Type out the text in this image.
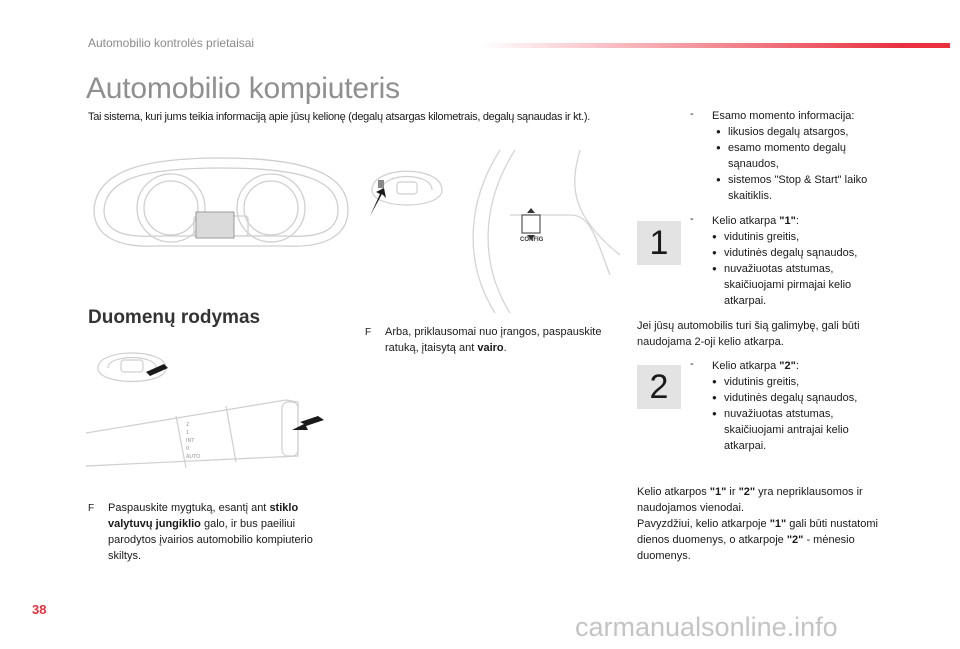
Automobilio kontrolės prietaisai
Automobilio kompiuteris
Tai sistema, kuri jums teikia informaciją apie jūsų kelionę (degalų atsargas kilometrais, degalų sąnaudas ir kt.).
CONFIG
Duomenų rodymas
2
1
INT
0
AUTO
F	Paspauskite mygtuką, esantį ant stiklo valytuvų jungiklio galo, ir bus paeiliui parodytos įvairios automobilio kompiuterio skiltys.
F	Arba, priklausomai nuo įrangos, paspauskite ratuką, įtaisytą ant vairo.
- Esamo momento informacija:
● likusios degalų atsargos,
● esamo momento degalų sąnaudos,
● sistemos "Stop & Start" laiko skaitiklis.
1
- Kelio atkarpa "1":
● vidutinis greitis,
● vidutinės degalų sąnaudos,
● nuvažiuotas atstumas, skaičiuojami pirmajai kelio atkarpai.
Jei jūsų automobilis turi šią galimybę, gali būti naudojama 2-oji kelio atkarpa.
2
- Kelio atkarpa "2":
● vidutinis greitis,
● vidutinės degalų sąnaudos,
● nuvažiuotas atstumas, skaičiuojami antrajai kelio atkarpai.
Kelio atkarpos "1" ir "2" yra nepriklausomos ir naudojamos vienodai.
Pavyzdžiui, kelio atkarpoje "1" gali būti nustatomi dienos duomenys, o atkarpoje "2" - mėnesio duomenys.
38
carmanualsonline.info
